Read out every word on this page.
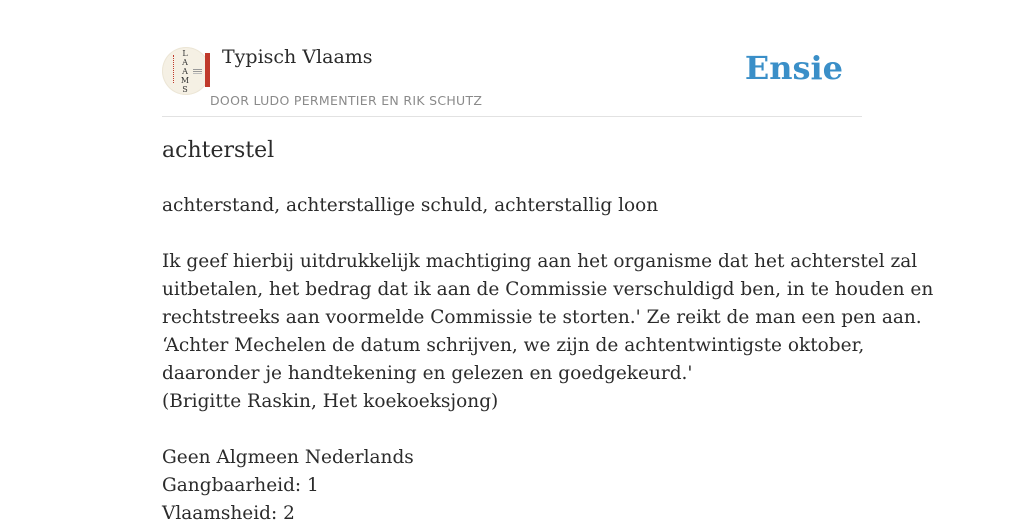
L
A
A
M
S
Typisch Vlaams
DOOR LUDO PERMENTIER EN RIK SCHUTZ
Ensie
achterstel
achterstand, achterstallige schuld, achterstallig loon
Ik geef hierbij uitdrukkelijk machtiging aan het organisme dat het achterstel zal
uitbetalen, het bedrag dat ik aan de Commissie verschuldigd ben, in te houden en
rechtstreeks aan voormelde Commissie te storten.' Ze reikt de man een pen aan.
‘Achter Mechelen de datum schrijven, we zijn de achtentwintigste oktober,
daaronder je handtekening en gelezen en goedgekeurd.'
(Brigitte Raskin, Het koekoeksjong)
Geen Algmeen Nederlands
Gangbaarheid: 1
Vlaamsheid: 2
